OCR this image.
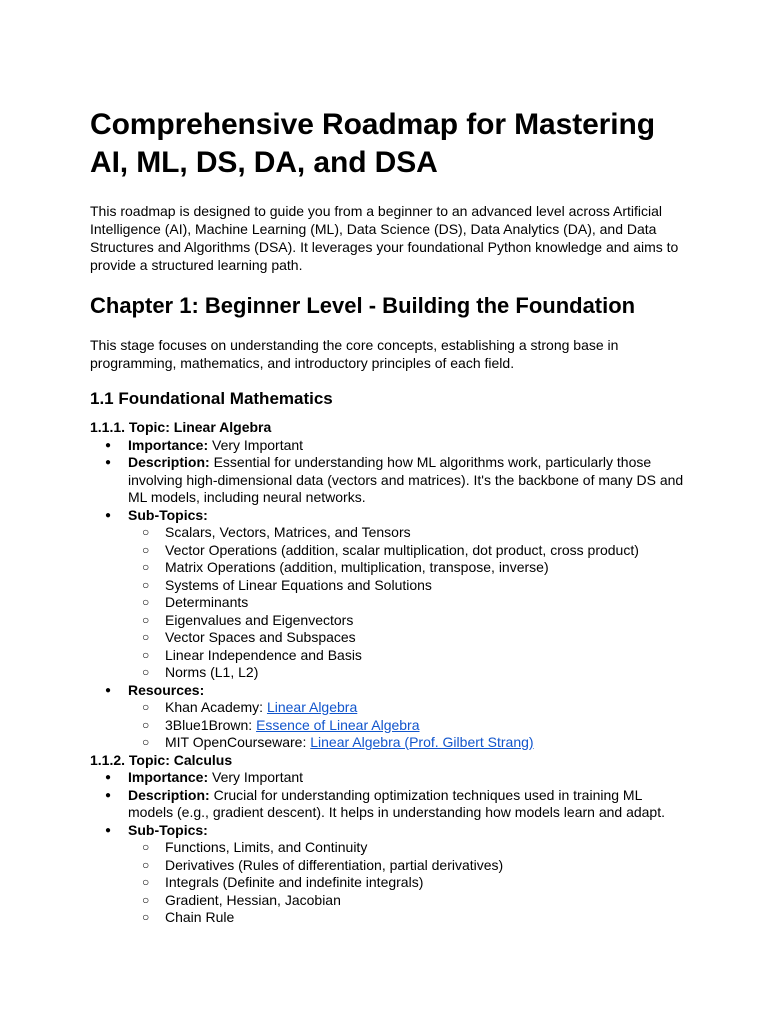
Comprehensive Roadmap for Mastering AI, ML, DS, DA, and DSA

This roadmap is designed to guide you from a beginner to an advanced level across Artificial Intelligence (AI), Machine Learning (ML), Data Science (DS), Data Analytics (DA), and Data Structures and Algorithms (DSA). It leverages your foundational Python knowledge and aims to provide a structured learning path.

Chapter 1: Beginner Level - Building the Foundation

This stage focuses on understanding the core concepts, establishing a strong base in programming, mathematics, and introductory principles of each field.

1.1 Foundational Mathematics
1.1.1. Topic: Linear Algebra
● Importance: Very Important
● Description: Essential for understanding how ML algorithms work, particularly those involving high-dimensional data (vectors and matrices). It's the backbone of many DS and ML models, including neural networks.
● Sub-Topics:
○ Scalars, Vectors, Matrices, and Tensors
○ Vector Operations (addition, scalar multiplication, dot product, cross product)
○ Matrix Operations (addition, multiplication, transpose, inverse)
○ Systems of Linear Equations and Solutions
○ Determinants
○ Eigenvalues and Eigenvectors
○ Vector Spaces and Subspaces
○ Linear Independence and Basis
○ Norms (L1, L2)
● Resources:
○ Khan Academy: Linear Algebra
○ 3Blue1Brown: Essence of Linear Algebra
○ MIT OpenCourseware: Linear Algebra (Prof. Gilbert Strang)
1.1.2. Topic: Calculus
● Importance: Very Important
● Description: Crucial for understanding optimization techniques used in training ML models (e.g., gradient descent). It helps in understanding how models learn and adapt.
● Sub-Topics:
○ Functions, Limits, and Continuity
○ Derivatives (Rules of differentiation, partial derivatives)
○ Integrals (Definite and indefinite integrals)
○ Gradient, Hessian, Jacobian
○ Chain Rule
